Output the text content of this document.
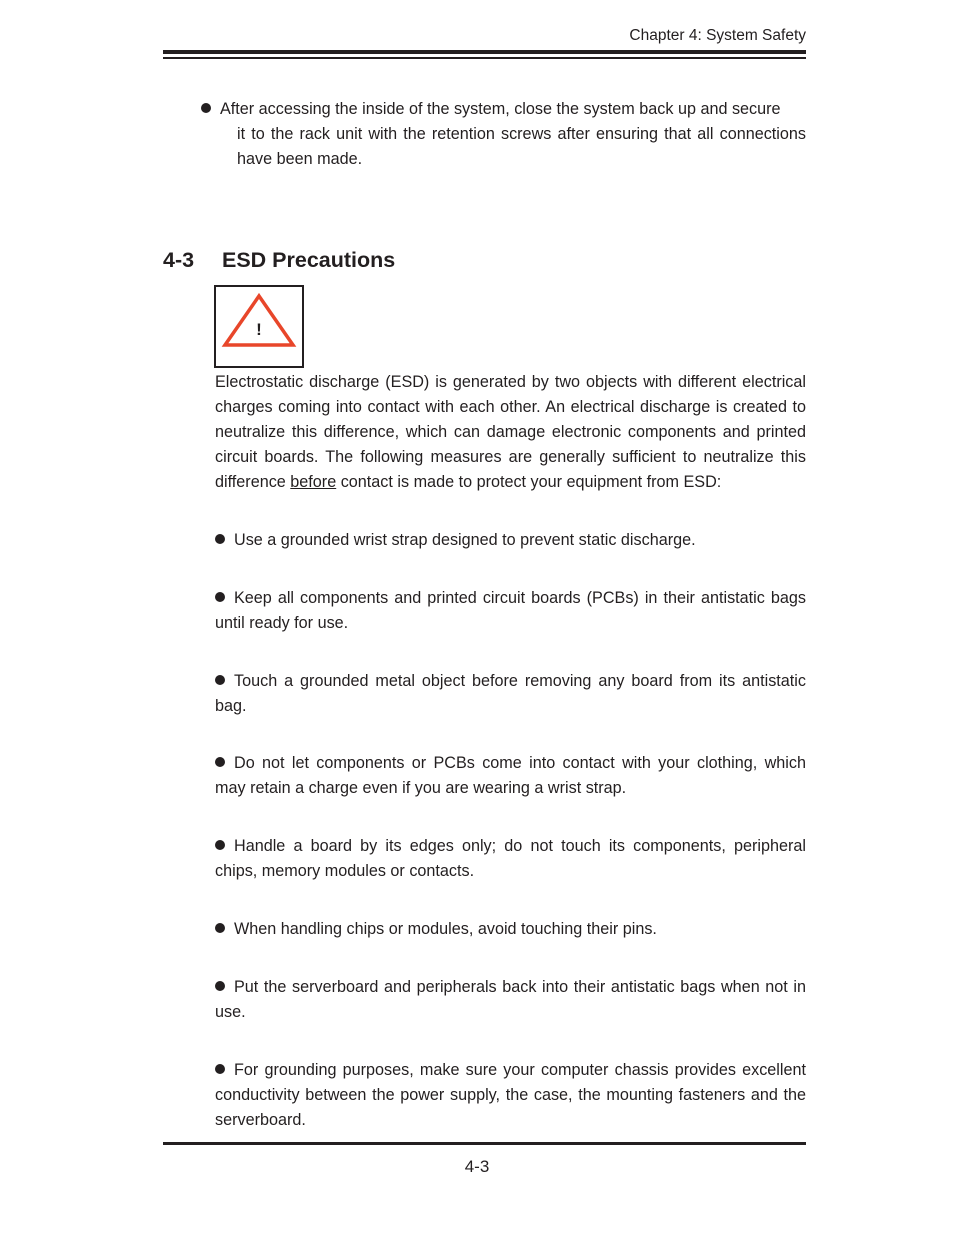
Chapter 4: System Safety

After accessing the inside of the system, close the system back up and secure
it to the rack unit with the retention screws after ensuring that all connections have been made.

4-3 ESD Precautions
!

Electrostatic discharge (ESD) is generated by two objects with different electrical charges coming into contact with each other. An electrical discharge is created to neutralize this difference, which can damage electronic components and printed circuit boards. The following measures are generally sufficient to neutralize this difference before contact is made to protect your equipment from ESD:

Use a grounded wrist strap designed to prevent static discharge.

Keep all components and printed circuit boards (PCBs) in their antistatic bags until ready for use.

Touch a grounded metal object before removing any board from its antistatic bag.

Do not let components or PCBs come into contact with your clothing, which may retain a charge even if you are wearing a wrist strap.

Handle a board by its edges only; do not touch its components, peripheral chips, memory modules or contacts.

When handling chips or modules, avoid touching their pins.

Put the serverboard and peripherals back into their antistatic bags when not in use.

For grounding purposes, make sure your computer chassis provides excellent conductivity between the power supply, the case, the mounting fasteners and the serverboard.

4-3
